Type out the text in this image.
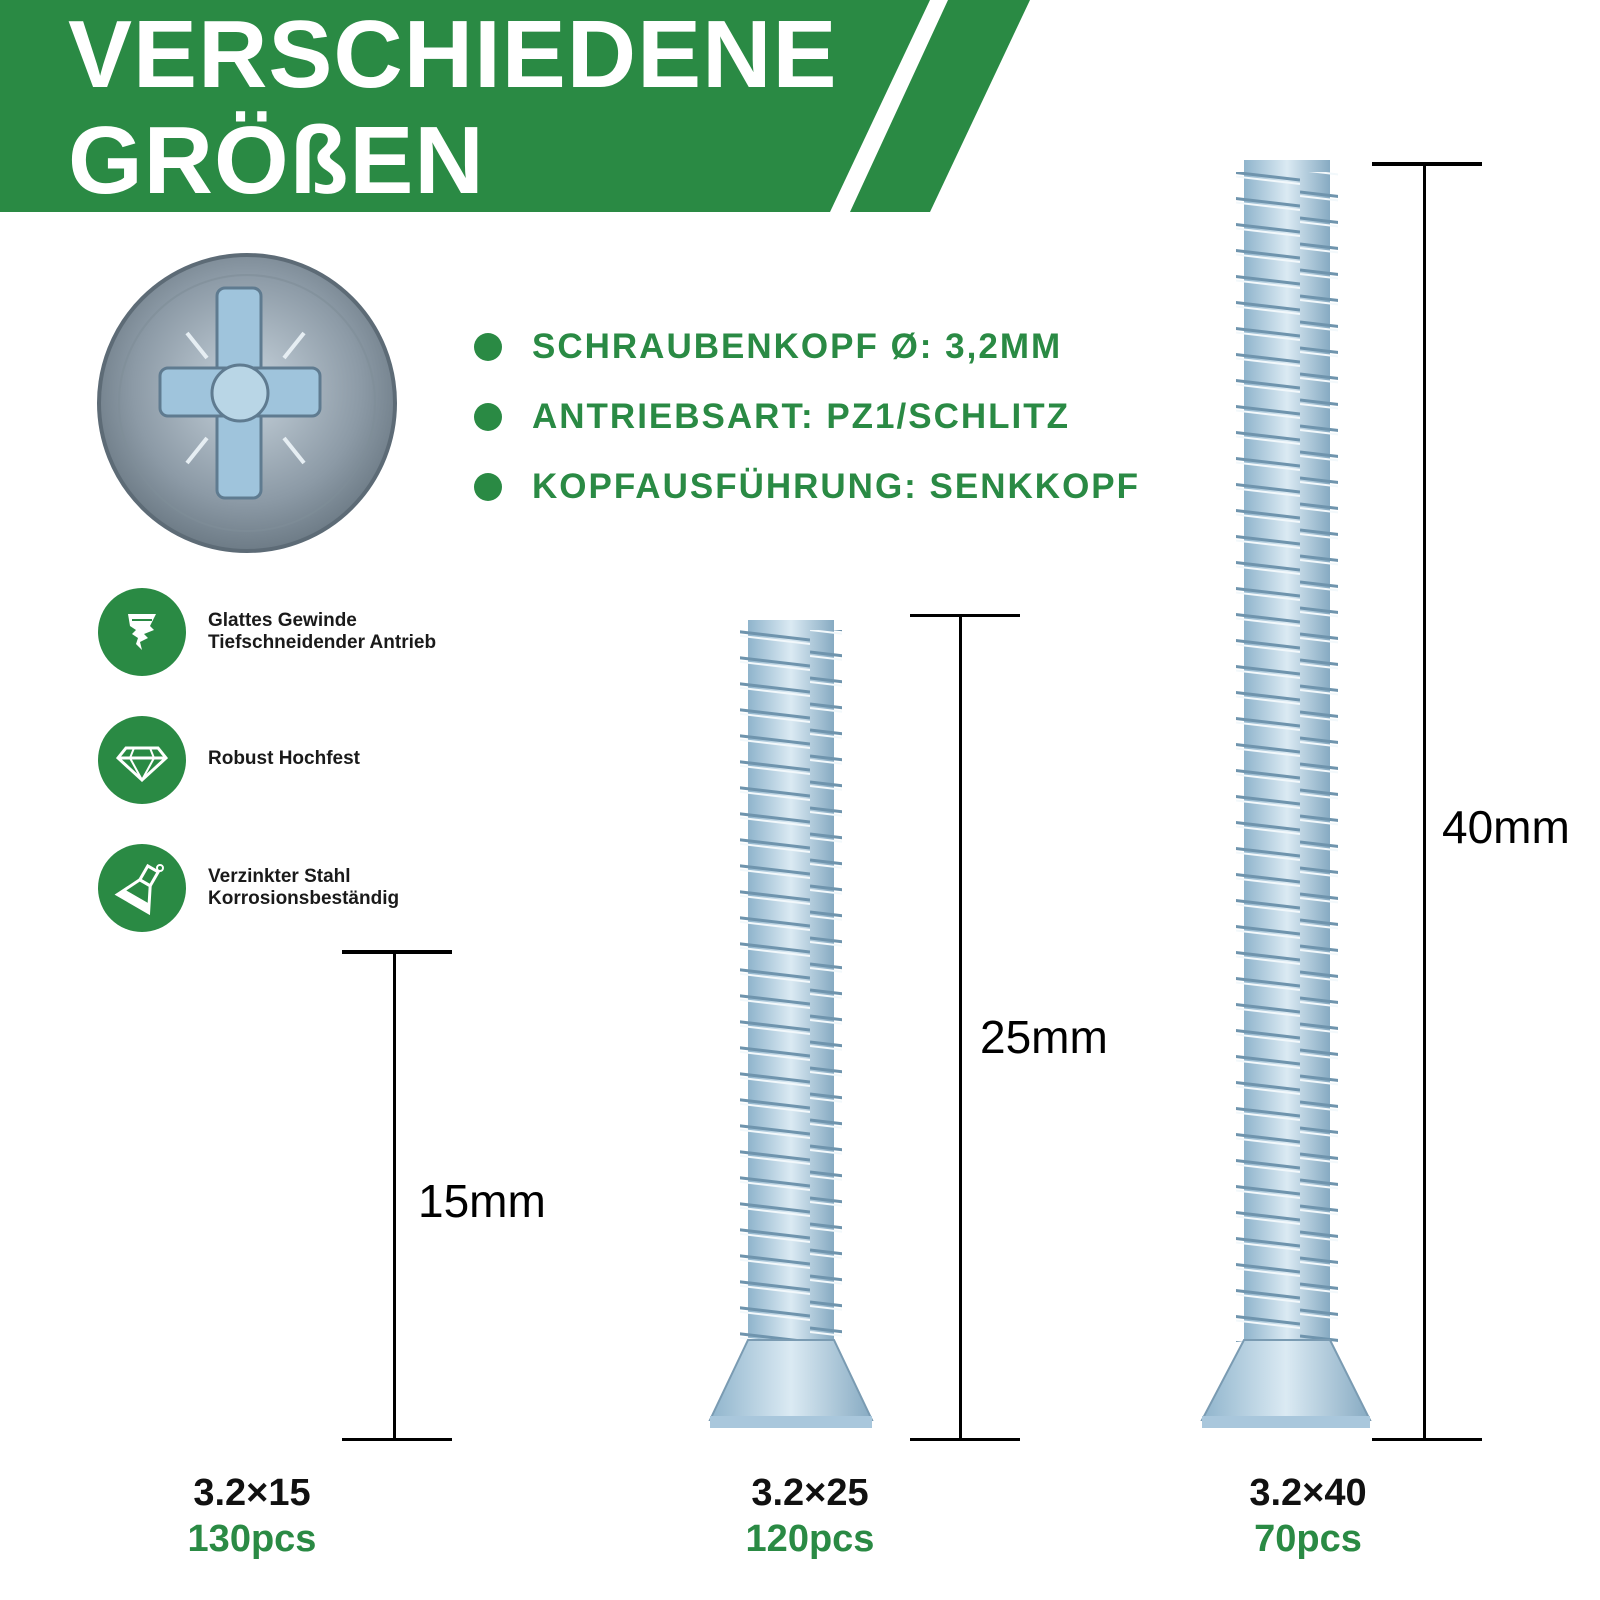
VERSCHIEDENE
GRÖßEN
SCHRAUBENKOPF Ø: 3,2MM
ANTRIEBSART: PZ1/SCHLITZ
KOPFAUSFÜHRUNG: SENKKOPF
Glattes Gewinde
Tiefschneidender Antrieb
Robust Hochfest
Verzinkter Stahl
Korrosionsbeständig
15mm
25mm
40mm
3.2×15
130pcs
3.2×25
120pcs
3.2×40
70pcs
